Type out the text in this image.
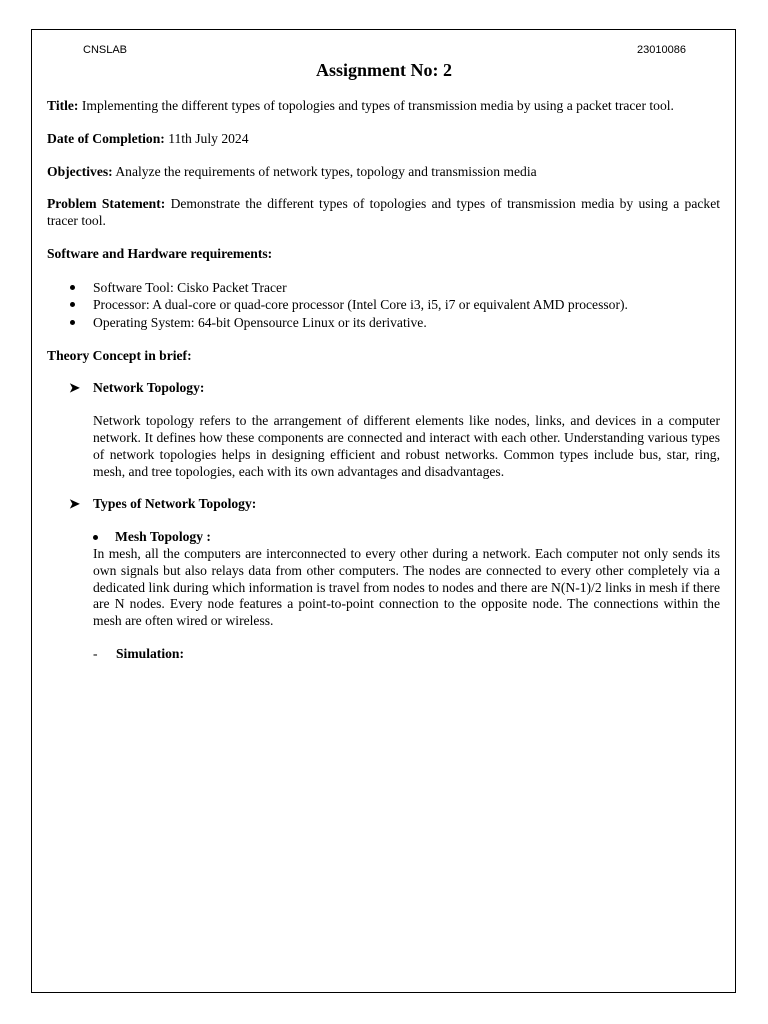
CNSLAB	23010086
Assignment No: 2

Title: Implementing the different types of topologies and types of transmission media by using a packet tracer tool.

Date of Completion: 11th July 2024

Objectives: Analyze the requirements of network types, topology and transmission media

Problem Statement: Demonstrate the different types of topologies and types of transmission media by using a packet tracer tool.

Software and Hardware requirements:

Software Tool: Cisko Packet Tracer
Processor: A dual-core or quad-core processor (Intel Core i3, i5, i7 or equivalent AMD processor).
Operating System: 64-bit Opensource Linux or its derivative.

Theory Concept in brief:

➤ Network Topology:

Network topology refers to the arrangement of different elements like nodes, links, and devices in a computer network. It defines how these components are connected and interact with each other. Understanding various types of network topologies helps in designing efficient and robust networks. Common types include bus, star, ring, mesh, and tree topologies, each with its own advantages and disadvantages.

➤ Types of Network Topology:
Mesh Topology :

In mesh, all the computers are interconnected to every other during a network. Each computer not only sends its own signals but also relays data from other computers. The nodes are connected to every other completely via a dedicated link during which information is travel from nodes to nodes and there are N(N-1)/2 links in mesh if there are N nodes. Every node features a point-to-point connection to the opposite node. The connections within the mesh are often wired or wireless.

- Simulation:
